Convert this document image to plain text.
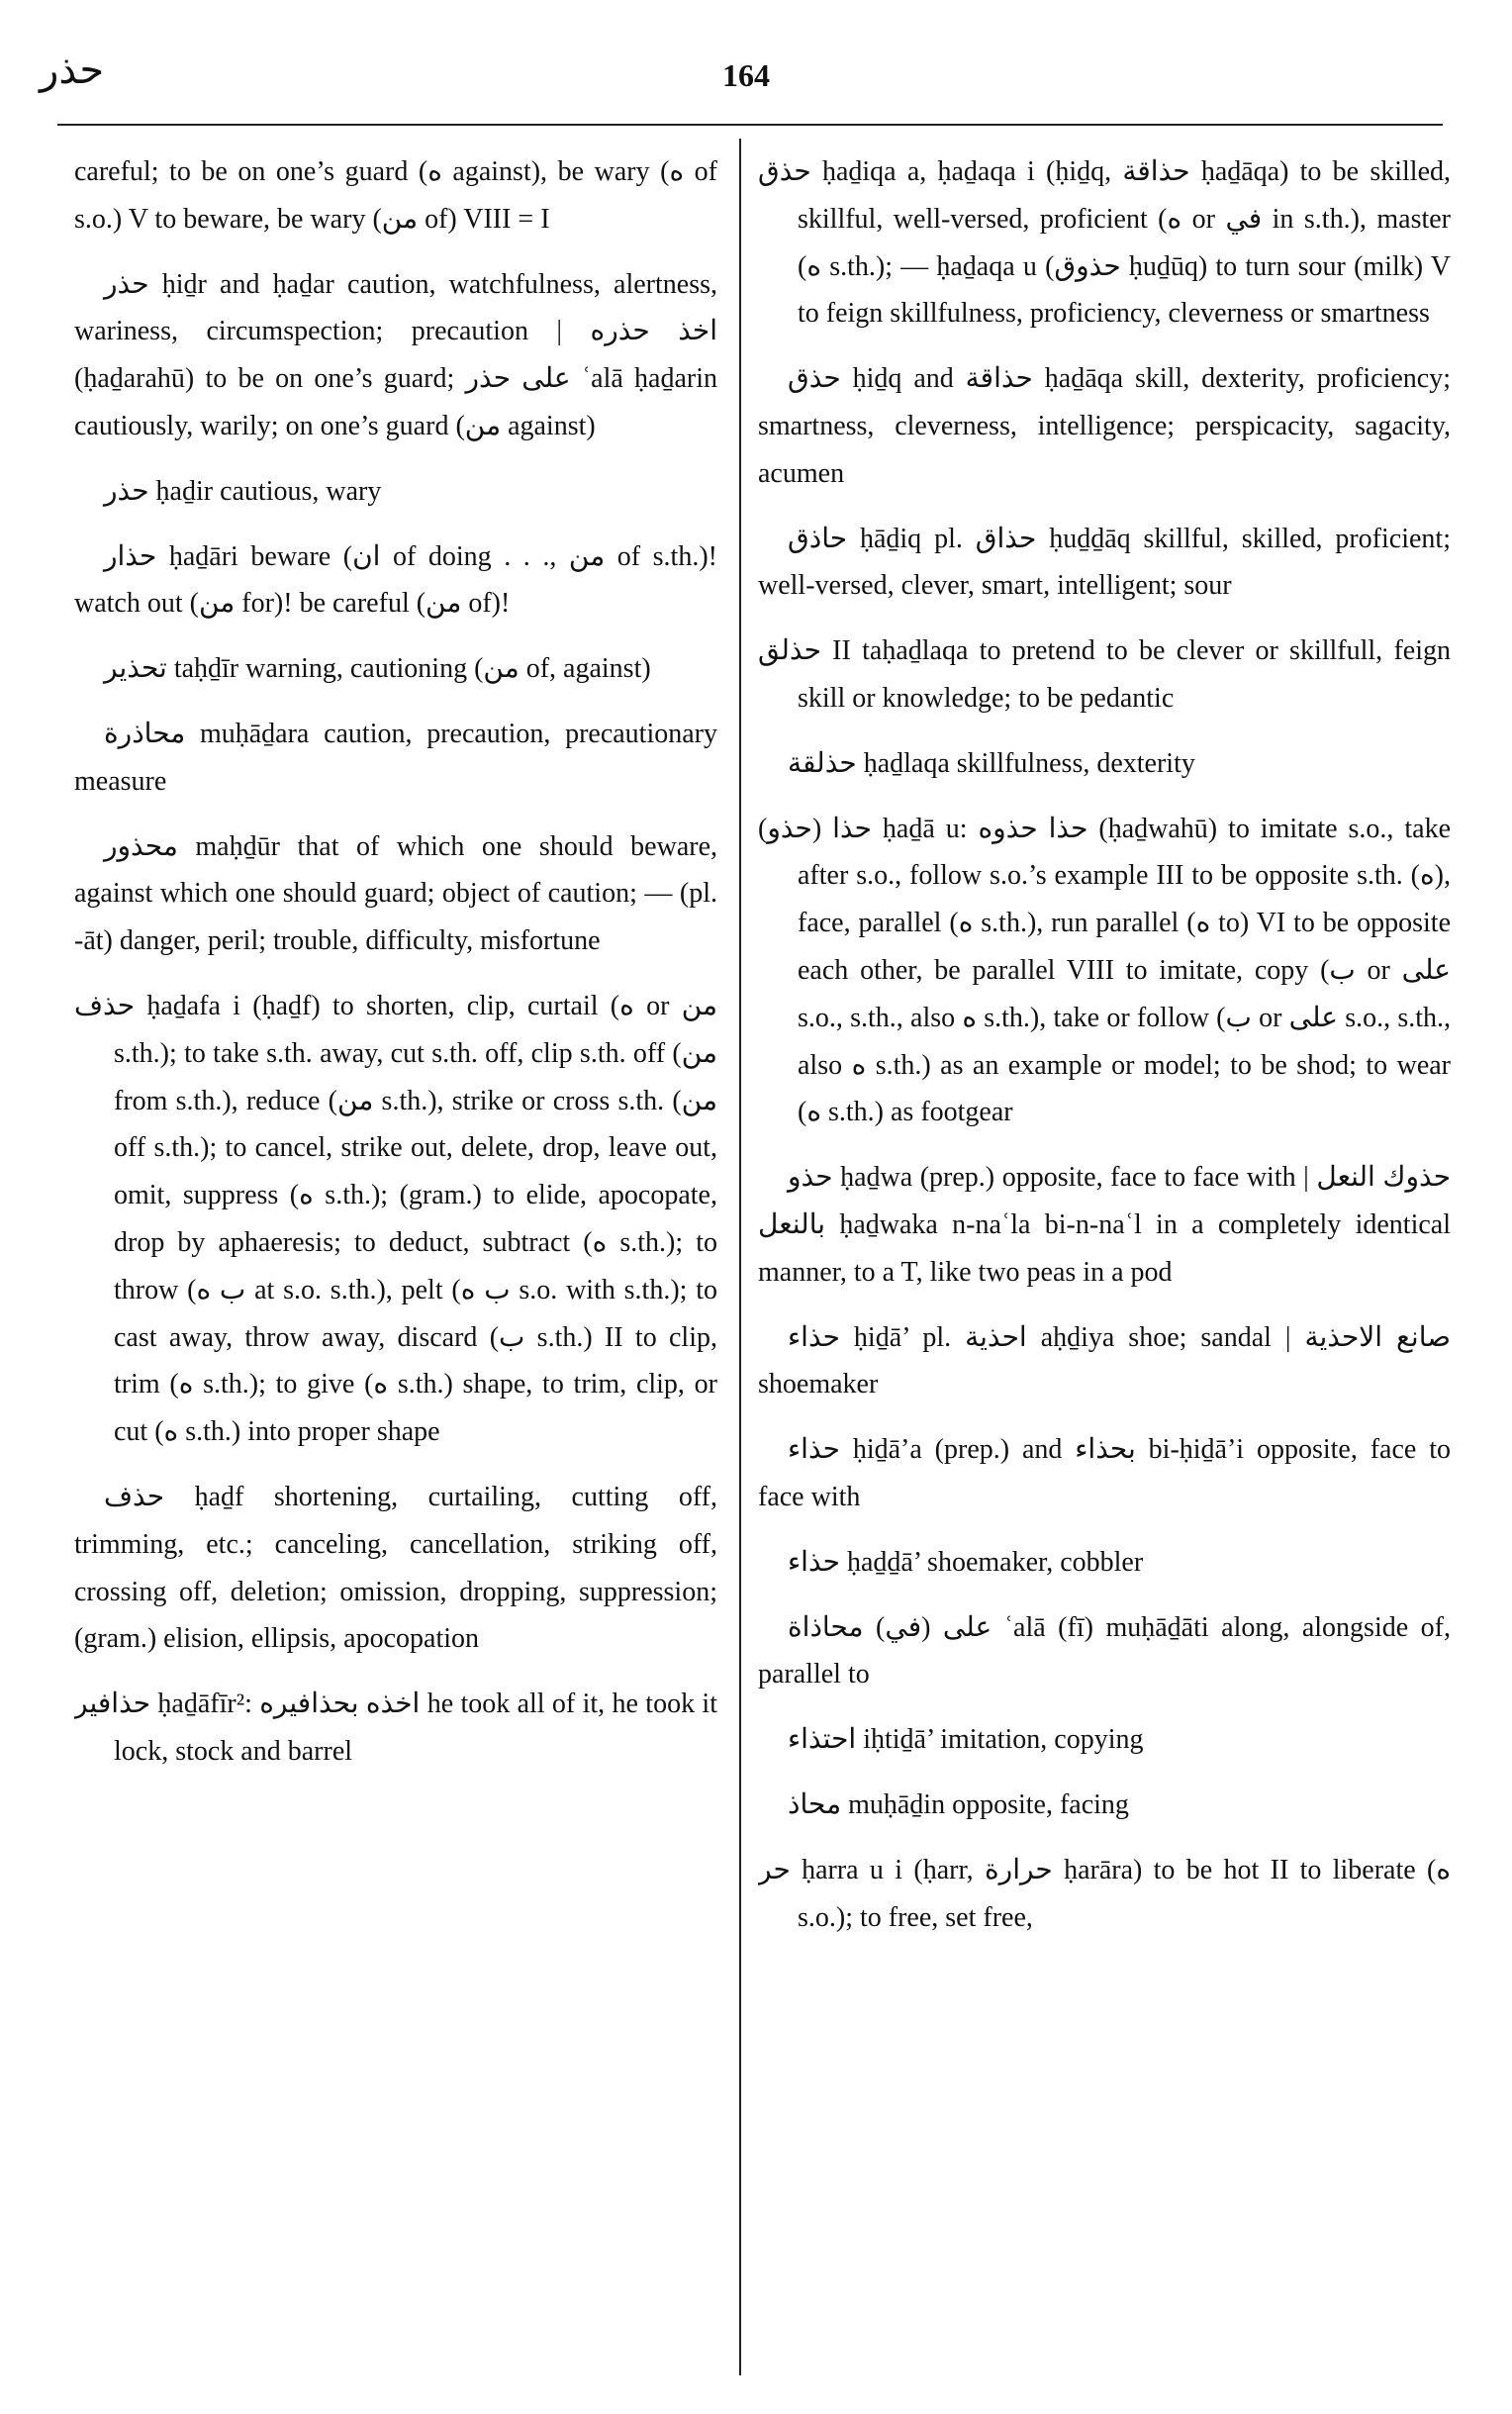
حذر	164

careful; to be on one’s guard (ه against), be wary (ه of s.o.) V to beware, be wary (من of) VIII = I

حذر ḥiḏr and ḥaḏar caution, watchfulness, alertness, wariness, circumspection; precaution | اخذ حذره (ḥaḏarahū) to be on one’s guard; على حذر ʿalā ḥaḏarin cautiously, warily; on one’s guard (من against)

حذر ḥaḏir cautious, wary

حذار ḥaḏāri beware (ان of doing . . ., من of s.th.)! watch out (من for)! be careful (من of)!

تحذير taḥḏīr warning, cautioning (من of, against)

محاذرة muḥāḏara caution, precaution, precautionary measure

محذور maḥḏūr that of which one should beware, against which one should guard; object of caution; — (pl. -āt) danger, peril; trouble, difficulty, misfortune

حذف ḥaḏafa i (ḥaḏf) to shorten, clip, curtail (ه or من s.th.); to take s.th. away, cut s.th. off, clip s.th. off (من from s.th.), reduce (من s.th.), strike or cross s.th. (من off s.th.); to cancel, strike out, delete, drop, leave out, omit, suppress (ه s.th.); (gram.) to elide, apocopate, drop by aphaeresis; to deduct, subtract (ه s.th.); to throw (ب ه at s.o. s.th.), pelt (ب ه s.o. with s.th.); to cast away, throw away, discard (ب s.th.) II to clip, trim (ه s.th.); to give (ه s.th.) shape, to trim, clip, or cut (ه s.th.) into proper shape

حذف ḥaḏf shortening, curtailing, cutting off, trimming, etc.; canceling, cancellation, striking off, crossing off, deletion; omission, dropping, suppression; (gram.) elision, ellipsis, apocopation

حذافير ḥaḏāfīr²: اخذه بحذافيره he took all of it, he took it lock, stock and barrel

حذق ḥaḏiqa a, ḥaḏaqa i (ḥiḏq, حذاقة ḥaḏāqa) to be skilled, skillful, well-versed, proficient (ه or في in s.th.), master (ه s.th.); — ḥaḏaqa u (حذوق ḥuḏūq) to turn sour (milk) V to feign skillfulness, proficiency, cleverness or smartness

حذق ḥiḏq and حذاقة ḥaḏāqa skill, dexterity, proficiency; smartness, cleverness, intelligence; perspicacity, sagacity, acumen

حاذق ḥāḏiq pl. حذاق ḥuḏḏāq skillful, skilled, proficient; well-versed, clever, smart, intelligent; sour

حذلق II taḥaḏlaqa to pretend to be clever or skillfull, feign skill or knowledge; to be pedantic

حذلقة ḥaḏlaqa skillfulness, dexterity

(حذو) حذا ḥaḏā u: حذا حذوه (ḥaḏwahū) to imitate s.o., take after s.o., follow s.o.’s example III to be opposite s.th. (ه), face, parallel (ه s.th.), run parallel (ه to) VI to be opposite each other, be parallel VIII to imitate, copy (ب or على s.o., s.th., also ه s.th.), take or follow (ب or على s.o., s.th., also ه s.th.) as an example or model; to be shod; to wear (ه s.th.) as footgear

حذو ḥaḏwa (prep.) opposite, face to face with | حذوك النعل بالنعل ḥaḏwaka n-naʿla bi-n-naʿl in a completely identical manner, to a T, like two peas in a pod

حذاء ḥiḏā’ pl. احذية aḥḏiya shoe; sandal | صانع الاحذية shoemaker

حذاء ḥiḏā’a (prep.) and بحذاء bi-ḥiḏā’i opposite, face to face with

حذاء ḥaḏḏā’ shoemaker, cobbler

على (في) محاذاة ʿalā (fī) muḥāḏāti along, alongside of, parallel to

احتذاء iḥtiḏā’ imitation, copying

محاذ muḥāḏin opposite, facing

حر ḥarra u i (ḥarr, حرارة ḥarāra) to be hot II to liberate (ه s.o.); to free, set free,
